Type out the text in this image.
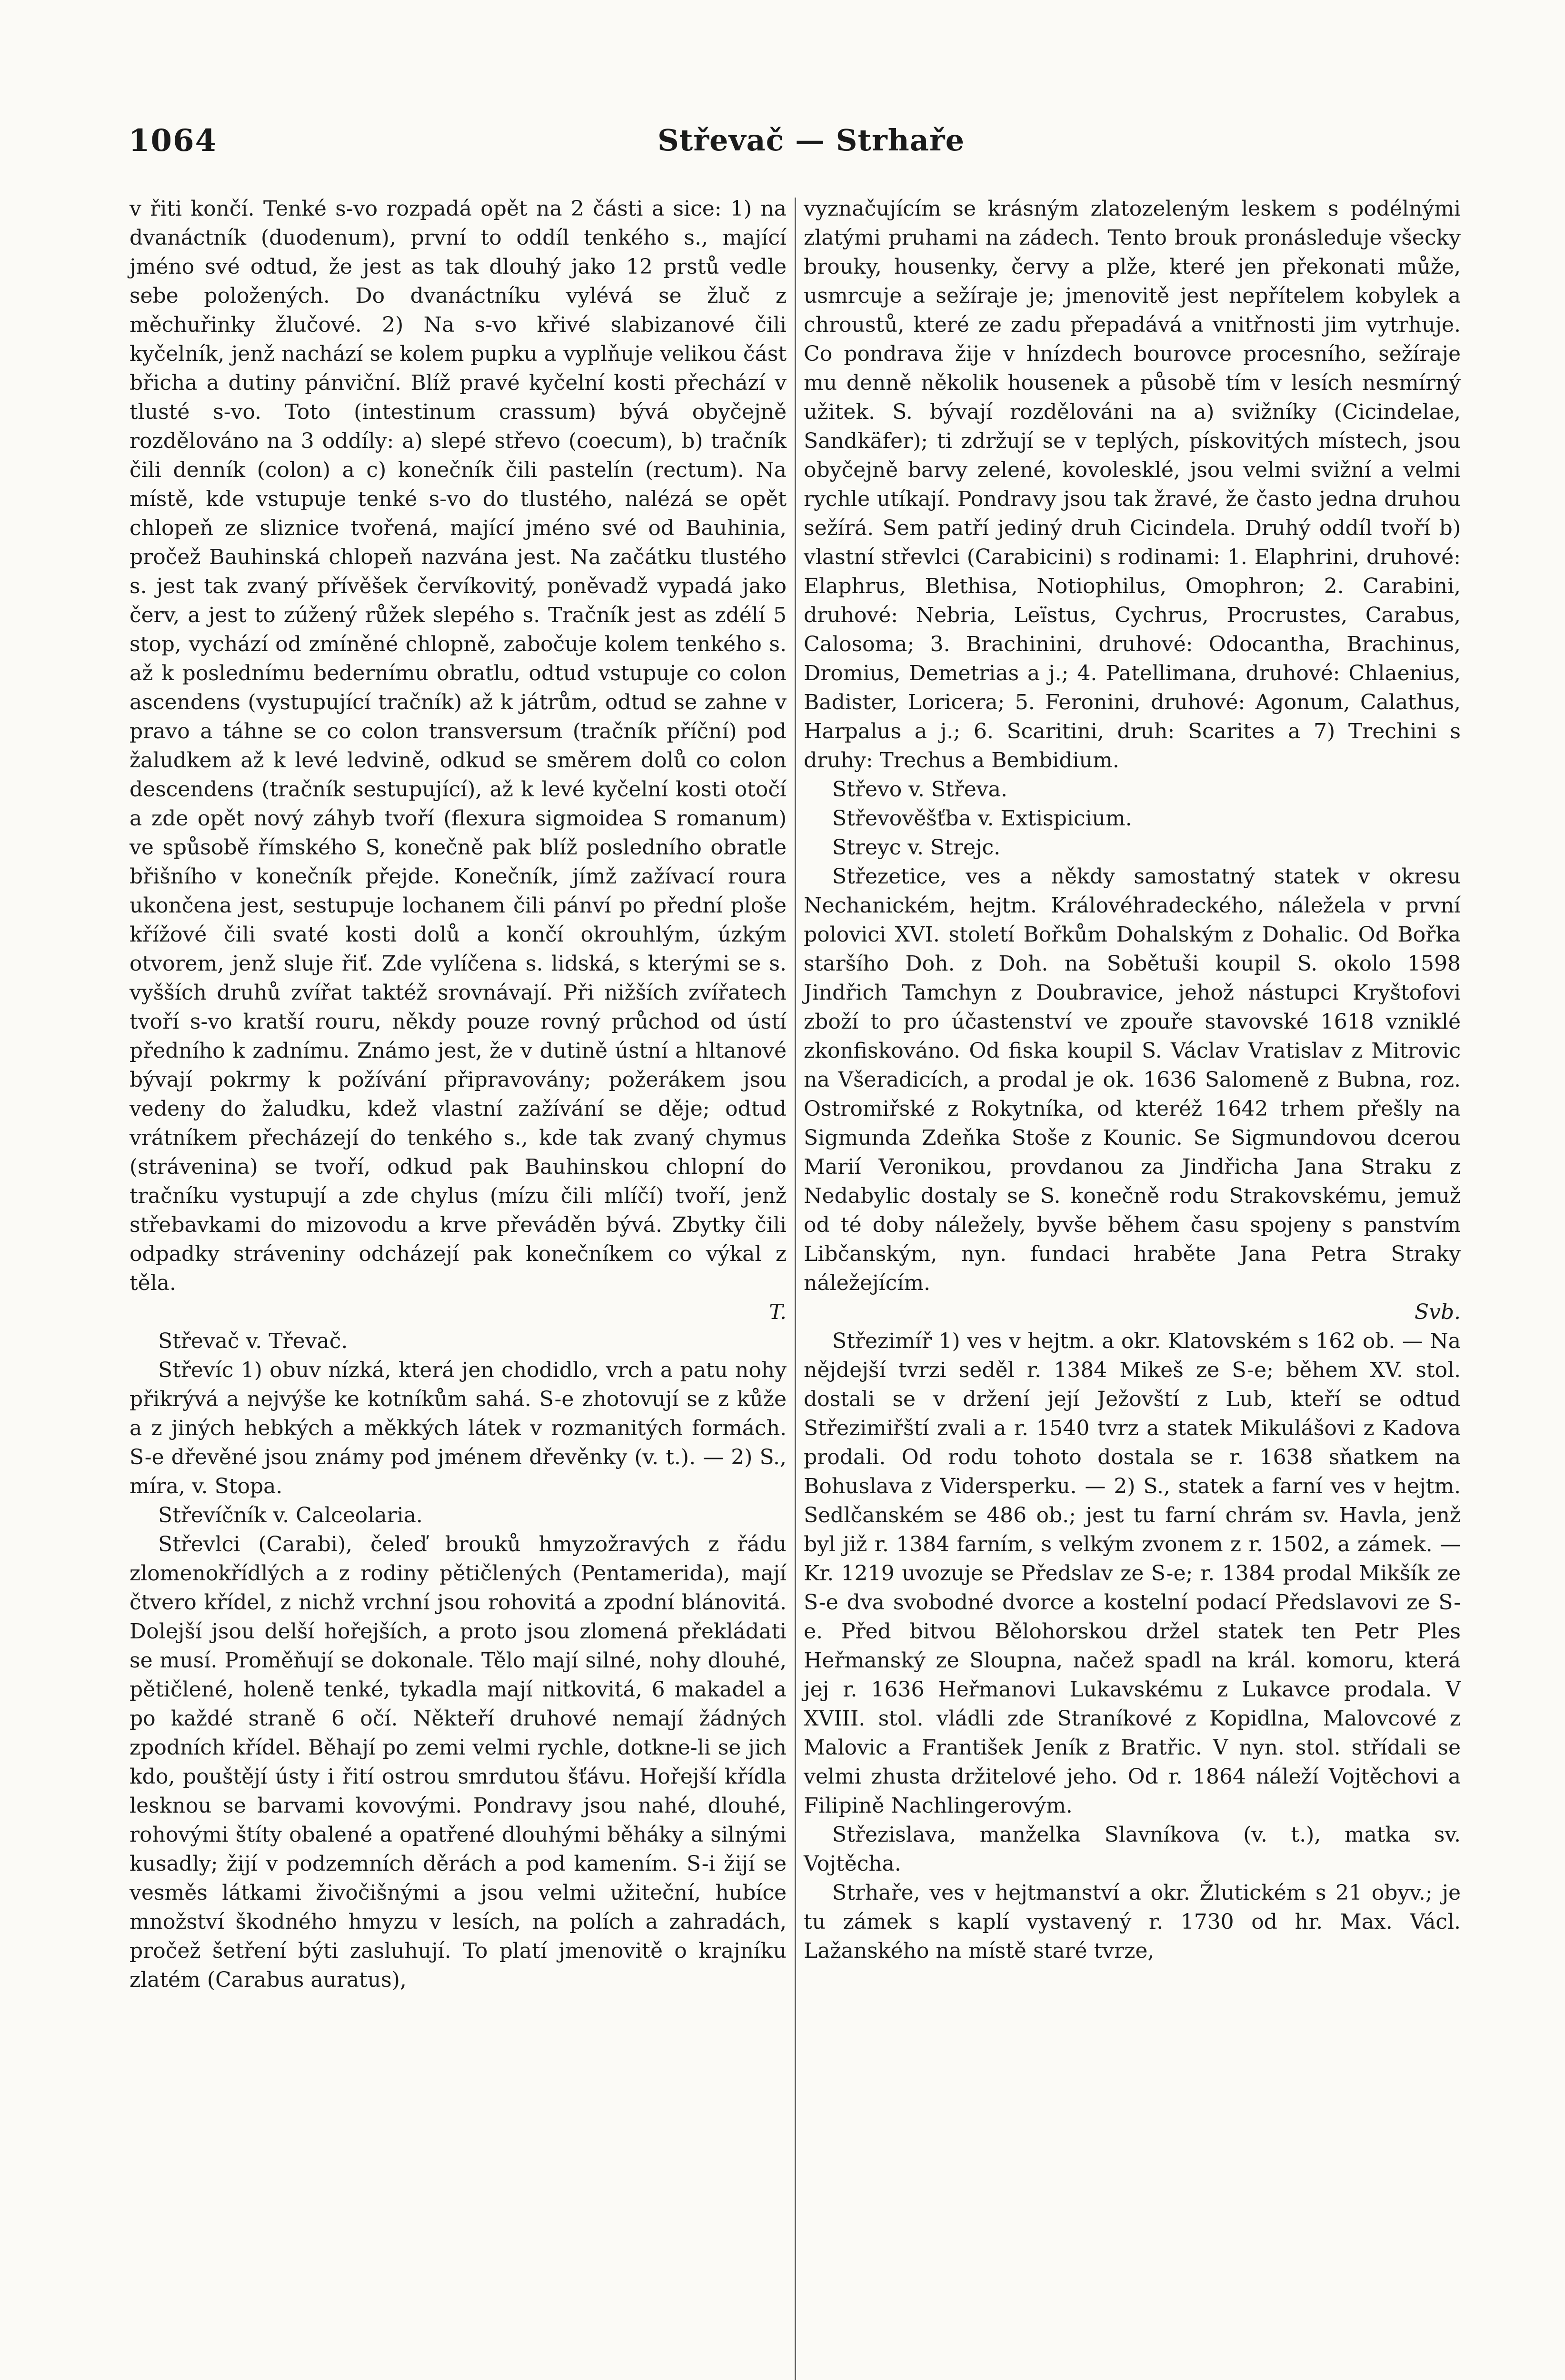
1064	Střevač — Strhaře

v řiti končí. Tenké s-vo rozpadá opět na 2 části a sice: 1) na dvanáctník (duodenum), první to oddíl tenkého s., mající jméno své odtud, že jest as tak dlouhý jako 12 prstů vedle sebe položených. Do dvanáctníku vylévá se žluč z měchuřinky žlučové. 2) Na s-vo křivé slabizanové čili kyčelník, jenž nachází se kolem pupku a vyplňuje velikou část břicha a dutiny pánviční. Blíž pravé kyčelní kosti přechází v tlusté s-vo. Toto (intestinum crassum) bývá obyčejně rozdělováno na 3 oddíly: a) slepé střevo (coecum), b) tračník čili denník (colon) a c) konečník čili pastelín (rectum). Na místě, kde vstupuje tenké s-vo do tlustého, nalézá se opět chlopeň ze sliznice tvořená, mající jméno své od Bauhinia, pročež Bauhinská chlopeň nazvána jest. Na začátku tlustého s. jest tak zvaný přívěšek červíkovitý, poněvadž vypadá jako červ, a jest to zúžený růžek slepého s. Tračník jest as zdélí 5 stop, vychází od zmíněné chlopně, zabočuje kolem tenkého s. až k poslednímu bedernímu obratlu, odtud vstupuje co colon ascendens (vystupující tračník) až k játrům, odtud se zahne v pravo a táhne se co colon transversum (tračník příční) pod žaludkem až k levé ledvině, odkud se směrem dolů co colon descendens (tračník sestupující), až k levé kyčelní kosti otočí a zde opět nový záhyb tvoří (flexura sigmoidea S romanum) ve spůsobě římského S, konečně pak blíž posledního obratle břišního v konečník přejde. Konečník, jímž zažívací roura ukončena jest, sestupuje lochanem čili pánví po přední ploše křížové čili svaté kosti dolů a končí okrouhlým, úzkým otvorem, jenž sluje řiť. Zde vylíčena s. lidská, s kterými se s. vyšších druhů zvířat taktéž srovnávají. Při nižších zvířatech tvoří s-vo kratší rouru, někdy pouze rovný průchod od ústí předního k zadnímu. Známo jest, že v dutině ústní a hltanové bývají pokrmy k požívání připravovány; požerákem jsou vedeny do žaludku, kdež vlastní zažívání se děje; odtud vrátníkem přecházejí do tenkého s., kde tak zvaný chymus (strávenina) se tvoří, odkud pak Bauhinskou chlopní do tračníku vystupují a zde chylus (mízu čili mlíčí) tvoří, jenž střebavkami do mizovodu a krve převáděn bývá. Zbytky čili odpadky stráveniny odcházejí pak konečníkem co výkal z těla.

T.

Střevač v. Třevač.

Střevíc 1) obuv nízká, která jen chodidlo, vrch a patu nohy přikrývá a nejvýše ke kotníkům sahá. S-e zhotovují se z kůže a z jiných hebkých a měkkých látek v rozmanitých formách. S-e dřevěné jsou známy pod jménem dřevěnky (v. t.). — 2) S., míra, v. Stopa.

Střevíčník v. Calceolaria.

Střevlci (Carabi), čeleď brouků hmyzožravých z řádu zlomenokřídlých a z rodiny pětičlených (Pentamerida), mají čtvero křídel, z nichž vrchní jsou rohovitá a zpodní blánovitá. Dolejší jsou delší hořejších, a proto jsou zlomená překládati se musí. Proměňují se dokonale. Tělo mají silné, nohy dlouhé, pětičlené, holeně tenké, tykadla mají nitkovitá, 6 makadel a po každé straně 6 očí. Někteří druhové nemají žádných zpodních křídel. Běhají po zemi velmi rychle, dotkne-li se jich kdo, pouštějí ústy i řití ostrou smrdutou šťávu. Hořejší křídla lesknou se barvami kovovými. Pondravy jsou nahé, dlouhé, rohovými štíty obalené a opatřené dlouhými běháky a silnými kusadly; žijí v podzemních děrách a pod kamením. S-i žijí se vesměs látkami živočišnými a jsou velmi užiteční, hubíce množství škodného hmyzu v lesích, na polích a zahradách, pročež šetření býti zasluhují. To platí jmenovitě o krajníku zlatém (Carabus auratus),

vyznačujícím se krásným zlatozeleným leskem s podélnými zlatými pruhami na zádech. Tento brouk pronásleduje všecky brouky, housenky, červy a plže, které jen překonati může, usmrcuje a sežíraje je; jmenovitě jest nepřítelem kobylek a chroustů, které ze zadu přepadává a vnitřnosti jim vytrhuje. Co pondrava žije v hnízdech bourovce procesního, sežíraje mu denně několik housenek a působě tím v lesích nesmírný užitek. S. bývají rozdělováni na a) svižníky (Cicindelae, Sandkäfer); ti zdržují se v teplých, pískovitých místech, jsou obyčejně barvy zelené, kovolesklé, jsou velmi svižní a velmi rychle utíkají. Pondravy jsou tak žravé, že často jedna druhou sežírá. Sem patří jediný druh Cicindela. Druhý oddíl tvoří b) vlastní střevlci (Carabicini) s rodinami: 1. Elaphrini, druhové: Elaphrus, Blethisa, Notiophilus, Omophron; 2. Carabini, druhové: Nebria, Leïstus, Cychrus, Procrustes, Carabus, Calosoma; 3. Brachinini, druhové: Odocantha, Brachinus, Dromius, Demetrias a j.; 4. Patellimana, druhové: Chlaenius, Badister, Loricera; 5. Feronini, druhové: Agonum, Calathus, Harpalus a j.; 6. Scaritini, druh: Scarites a 7) Trechini s druhy: Trechus a Bembidium.

Střevo v. Střeva.

Střevověšťba v. Extispicium.

Streyc v. Strejc.

Střezetice, ves a někdy samostatný statek v okresu Nechanickém, hejtm. Královéhradeckého, náležela v první polovici XVI. století Bořkům Dohalským z Dohalic. Od Bořka staršího Doh. z Doh. na Sobětuši koupil S. okolo 1598 Jindřich Tamchyn z Doubravice, jehož nástupci Kryštofovi zboží to pro účastenství ve zpouře stavovské 1618 vzniklé zkonfiskováno. Od fiska koupil S. Václav Vratislav z Mitrovic na Všeradicích, a prodal je ok. 1636 Salomeně z Bubna, roz. Ostromiřské z Rokytníka, od kteréž 1642 trhem přešly na Sigmunda Zdeňka Stoše z Kounic. Se Sigmundovou dcerou Marií Veronikou, provdanou za Jindřicha Jana Straku z Nedabylic dostaly se S. konečně rodu Strakovskému, jemuž od té doby náležely, byvše během času spojeny s panstvím Libčanským, nyn. fundaci hraběte Jana Petra Straky náležejícím.

Svb.

Střezimíř 1) ves v hejtm. a okr. Klatovském s 162 ob. — Na nějdejší tvrzi seděl r. 1384 Mikeš ze S-e; během XV. stol. dostali se v držení její Ježovští z Lub, kteří se odtud Střezimiřští zvali a r. 1540 tvrz a statek Mikulášovi z Kadova prodali. Od rodu tohoto dostala se r. 1638 sňatkem na Bohuslava z Vidersperku. — 2) S., statek a farní ves v hejtm. Sedlčanském se 486 ob.; jest tu farní chrám sv. Havla, jenž byl již r. 1384 farním, s velkým zvonem z r. 1502, a zámek. — Kr. 1219 uvozuje se Předslav ze S-e; r. 1384 prodal Mikšík ze S-e dva svobodné dvorce a kostelní podací Předslavovi ze S-e. Před bitvou Bělohorskou držel statek ten Petr Ples Heřmanský ze Sloupna, načež spadl na král. komoru, která jej r. 1636 Heřmanovi Lukavskému z Lukavce prodala. V XVIII. stol. vládli zde Straníkové z Kopidlna, Malovcové z Malovic a František Jeník z Bratřic. V nyn. stol. střídali se velmi zhusta držitelové jeho. Od r. 1864 náleží Vojtěchovi a Filipině Nachlingerovým.

Střezislava, manželka Slavníkova (v. t.), matka sv. Vojtěcha.

Strhaře, ves v hejtmanství a okr. Žlutickém s 21 obyv.; je tu zámek s kaplí vystavený r. 1730 od hr. Max. Václ. Lažanského na místě staré tvrze,
